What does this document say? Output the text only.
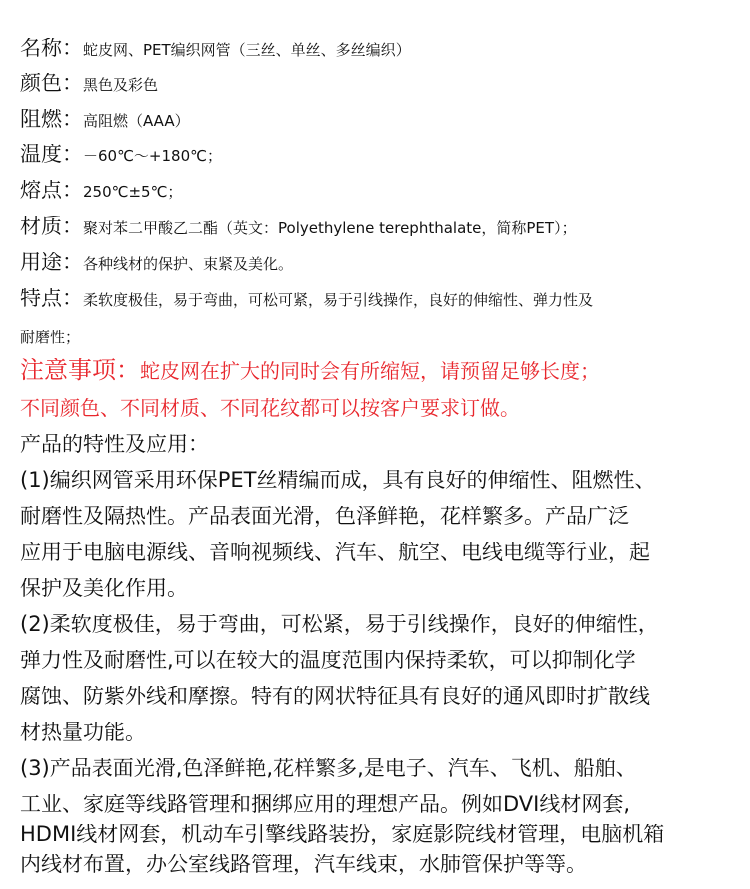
名称：蛇皮网、PET编织网管（三丝、单丝、多丝编织）
颜色：黑色及彩色
阻燃：高阻燃（AAA）
温度：－60℃～+180℃；
熔点：250℃±5℃；
材质：聚对苯二甲酸乙二酯（英文：Polyethylene terephthalate，简称PET）；
用途：各种线材的保护、束紧及美化。
特点：柔软度极佳，易于弯曲，可松可紧，易于引线操作，良好的伸缩性、弹力性及
耐磨性；
注意事项：蛇皮网在扩大的同时会有所缩短，请预留足够长度；
不同颜色、不同材质、不同花纹都可以按客户要求订做。
产品的特性及应用：
(1)编织网管采用环保PET丝精编而成，具有良好的伸缩性、阻燃性、
耐磨性及隔热性。产品表面光滑，色泽鲜艳，花样繁多。产品广泛
应用于电脑电源线、音响视频线、汽车、航空、电线电缆等行业，起
保护及美化作用。
(2)柔软度极佳，易于弯曲，可松紧，易于引线操作，良好的伸缩性，
弹力性及耐磨性,可以在较大的温度范围内保持柔软，可以抑制化学
腐蚀、防紫外线和摩擦。特有的网状特征具有良好的通风即时扩散线
材热量功能。
(3)产品表面光滑,色泽鲜艳,花样繁多,是电子、汽车、飞机、船舶、
工业、家庭等线路管理和捆绑应用的理想产品。例如DVI线材网套,
HDMI线材网套，机动车引擎线路装扮，家庭影院线材管理，电脑机箱
内线材布置，办公室线路管理，汽车线束，水肺管保护等等。
